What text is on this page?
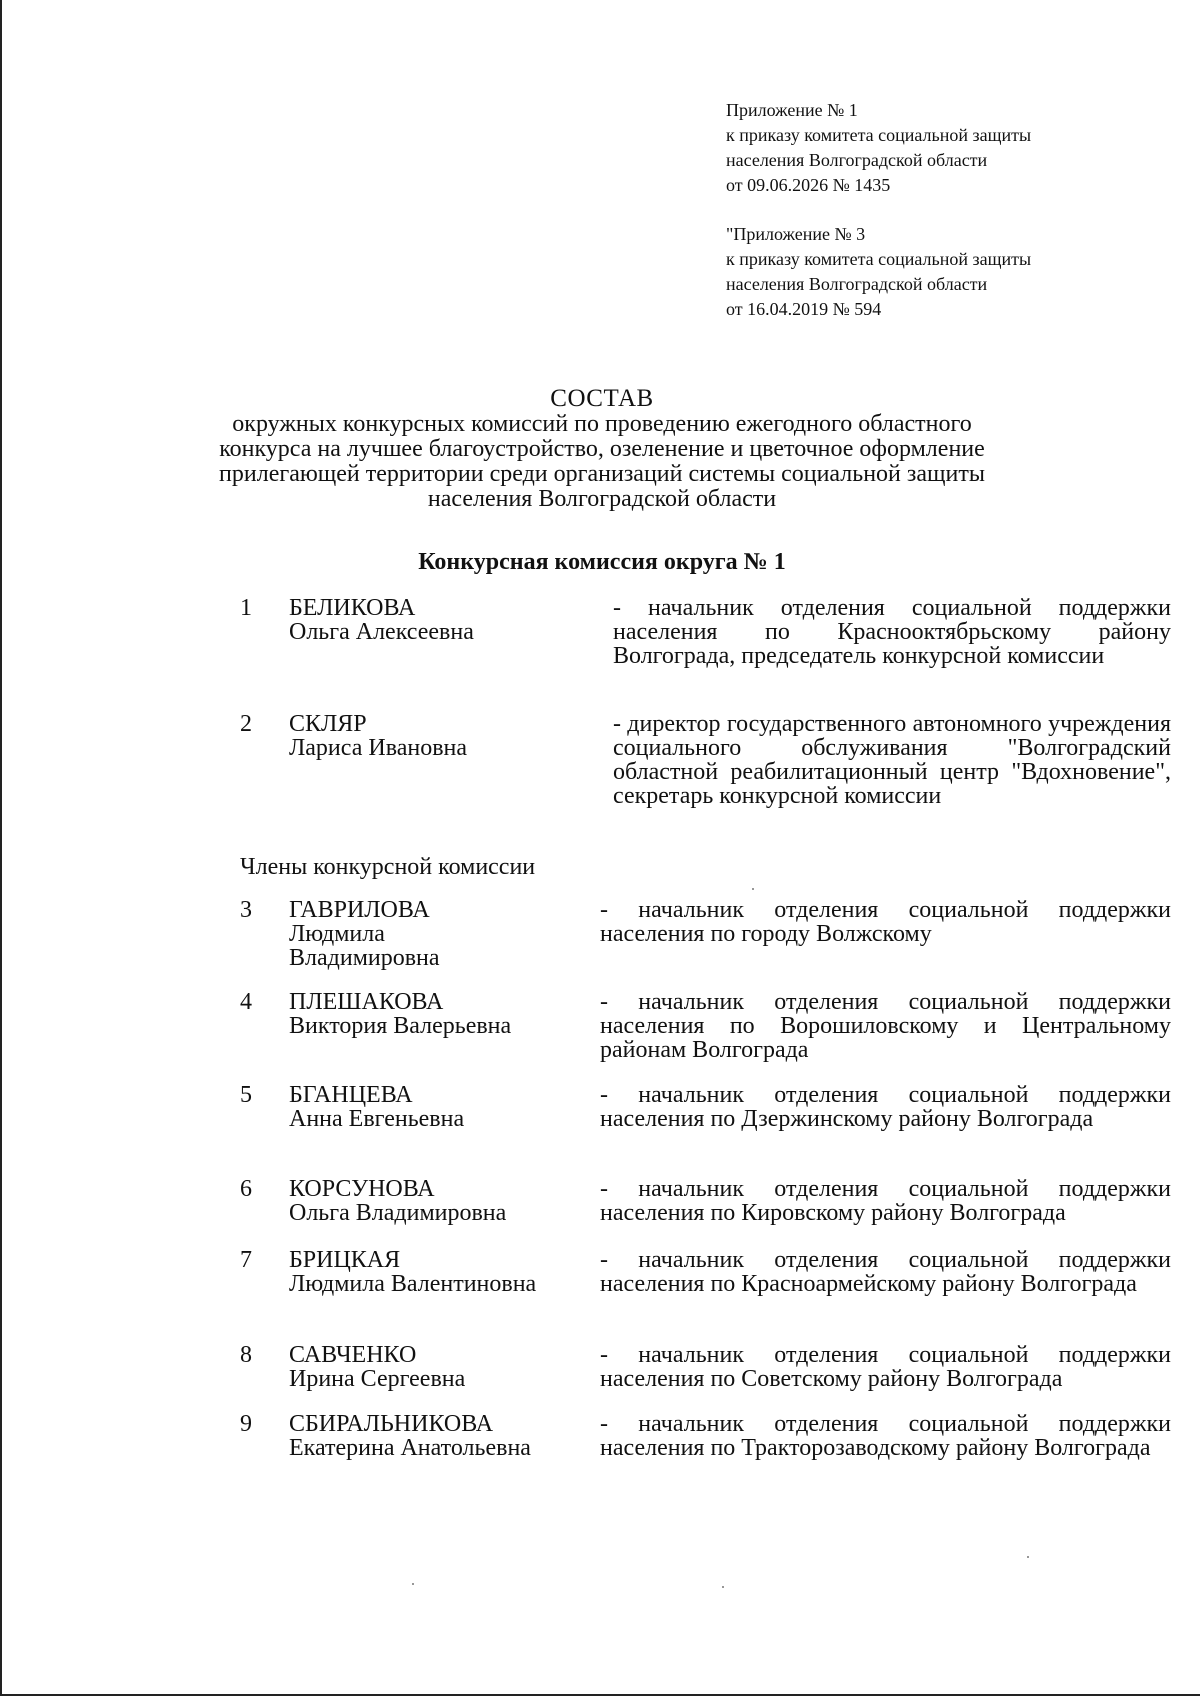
Приложение № 1
к приказу комитета социальной защиты
населения Волгоградской области
от 09.06.2026 № 1435
"Приложение № 3
к приказу комитета социальной защиты
населения Волгоградской области
от 16.04.2019 № 594
СОСТАВ
окружных конкурсных комиссий по проведению ежегодного областного
конкурса на лучшее благоустройство, озеленение и цветочное оформление
прилегающей территории среди организаций системы социальной защиты
населения Волгоградской области
Конкурсная комиссия округа № 1
1 БЕЛИКОВА
Ольга Алексеевна
- начальник отделения социальной поддержки населения по Краснооктябрьскому району Волгограда, председатель конкурсной комиссии
2 СКЛЯР
Лариса Ивановна
- директор государственного автономного учреждения социального обслуживания "Волгоградский областной реабилитационный центр "Вдохновение", секретарь конкурсной комиссии
Члены конкурсной комиссии
3 ГАВРИЛОВА
Людмила
Владимировна
- начальник отделения социальной поддержки населения по городу Волжскому
4 ПЛЕШАКОВА
Виктория Валерьевна
- начальник отделения социальной поддержки населения по Ворошиловскому и Центральному районам Волгограда
5 БГАНЦЕВА
Анна Евгеньевна
- начальник отделения социальной поддержки населения по Дзержинскому району Волгограда
6 КОРСУНОВА
Ольга Владимировна
- начальник отделения социальной поддержки населения по Кировскому району Волгограда
7 БРИЦКАЯ
Людмила Валентиновна
- начальник отделения социальной поддержки населения по Красноармейскому району Волгограда
8 САВЧЕНКО
Ирина Сергеевна
- начальник отделения социальной поддержки населения по Советскому району Волгограда
9 СБИРАЛЬНИКОВА
Екатерина Анатольевна
- начальник отделения социальной поддержки населения по Тракторозаводскому району Волгограда
